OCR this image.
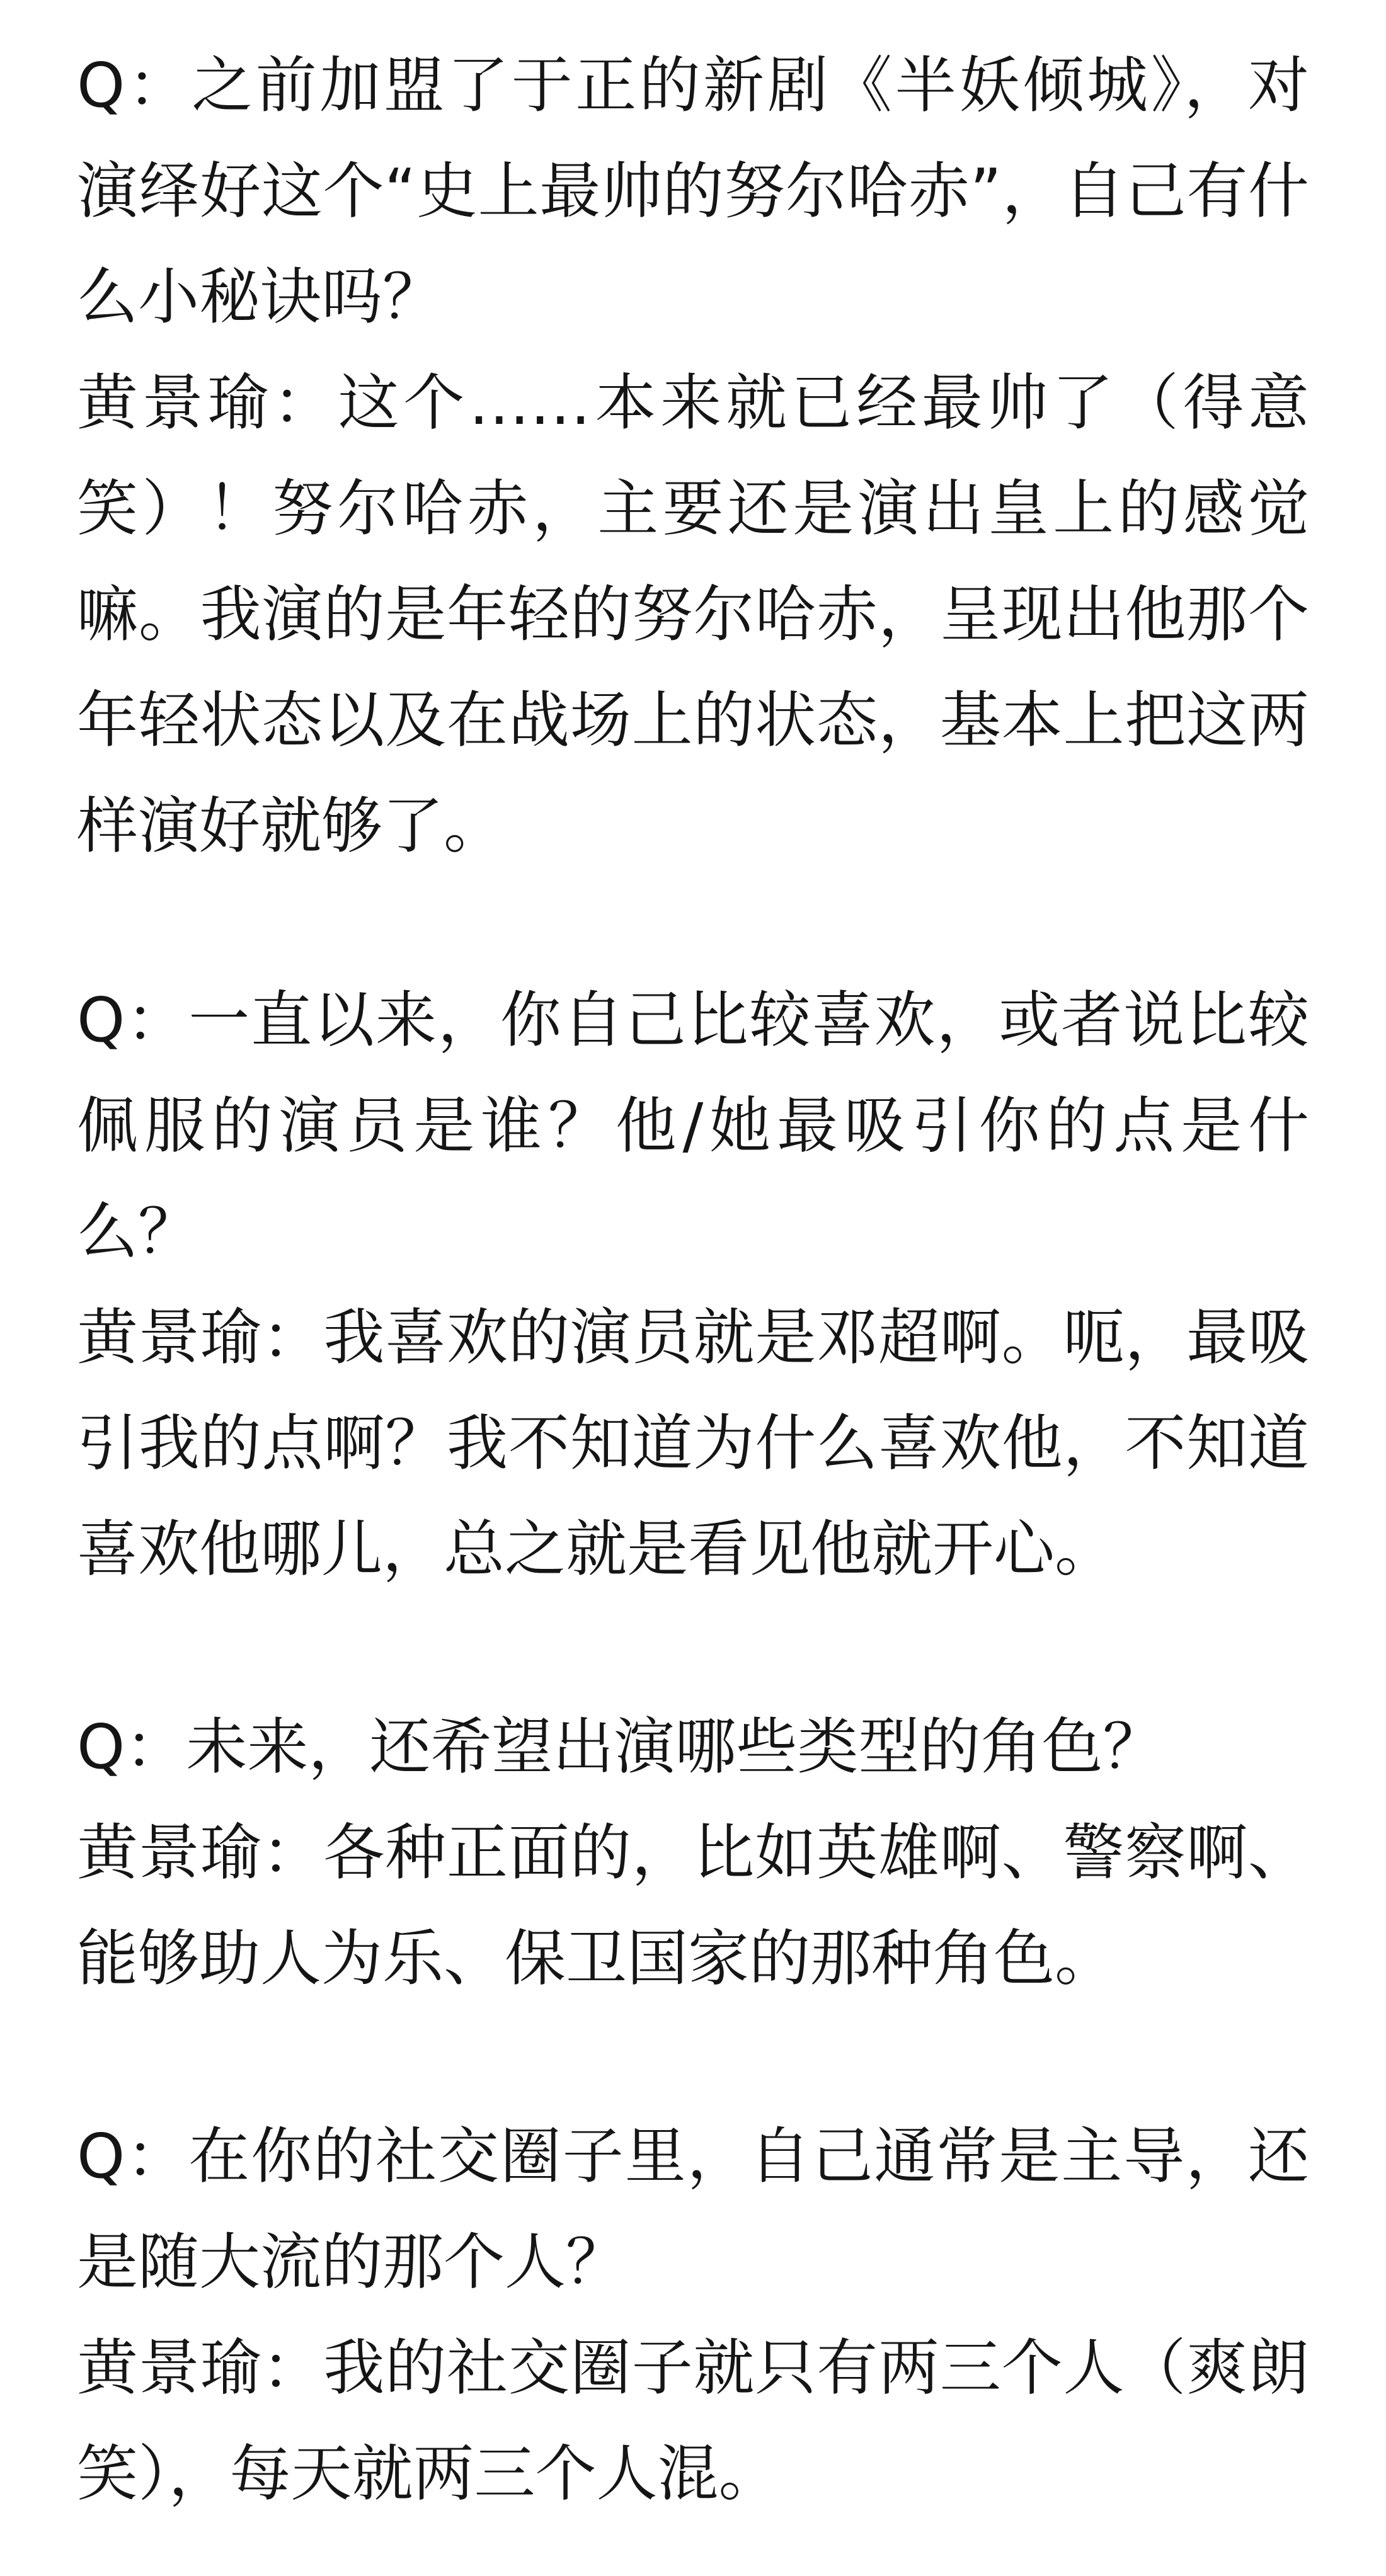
Q：之前加盟了于正的新剧《半妖倾城》，对演绎好这个“史上最帅的努尔哈赤”，自己有什么小秘诀吗？

黄景瑜：这个……本来就已经最帅了（得意笑）！努尔哈赤，主要还是演出皇上的感觉嘛。我演的是年轻的努尔哈赤，呈现出他那个年轻状态以及在战场上的状态，基本上把这两样演好就够了。

Q：一直以来，你自己比较喜欢，或者说比较佩服的演员是谁？他/她最吸引你的点是什么？

黄景瑜：我喜欢的演员就是邓超啊。呃，最吸引我的点啊？我不知道为什么喜欢他，不知道喜欢他哪儿，总之就是看见他就开心。

Q：未来，还希望出演哪些类型的角色？

黄景瑜：各种正面的，比如英雄啊、警察啊、能够助人为乐、保卫国家的那种角色。

Q：在你的社交圈子里，自己通常是主导，还是随大流的那个人？

黄景瑜：我的社交圈子就只有两三个人（爽朗笑），每天就两三个人混。
